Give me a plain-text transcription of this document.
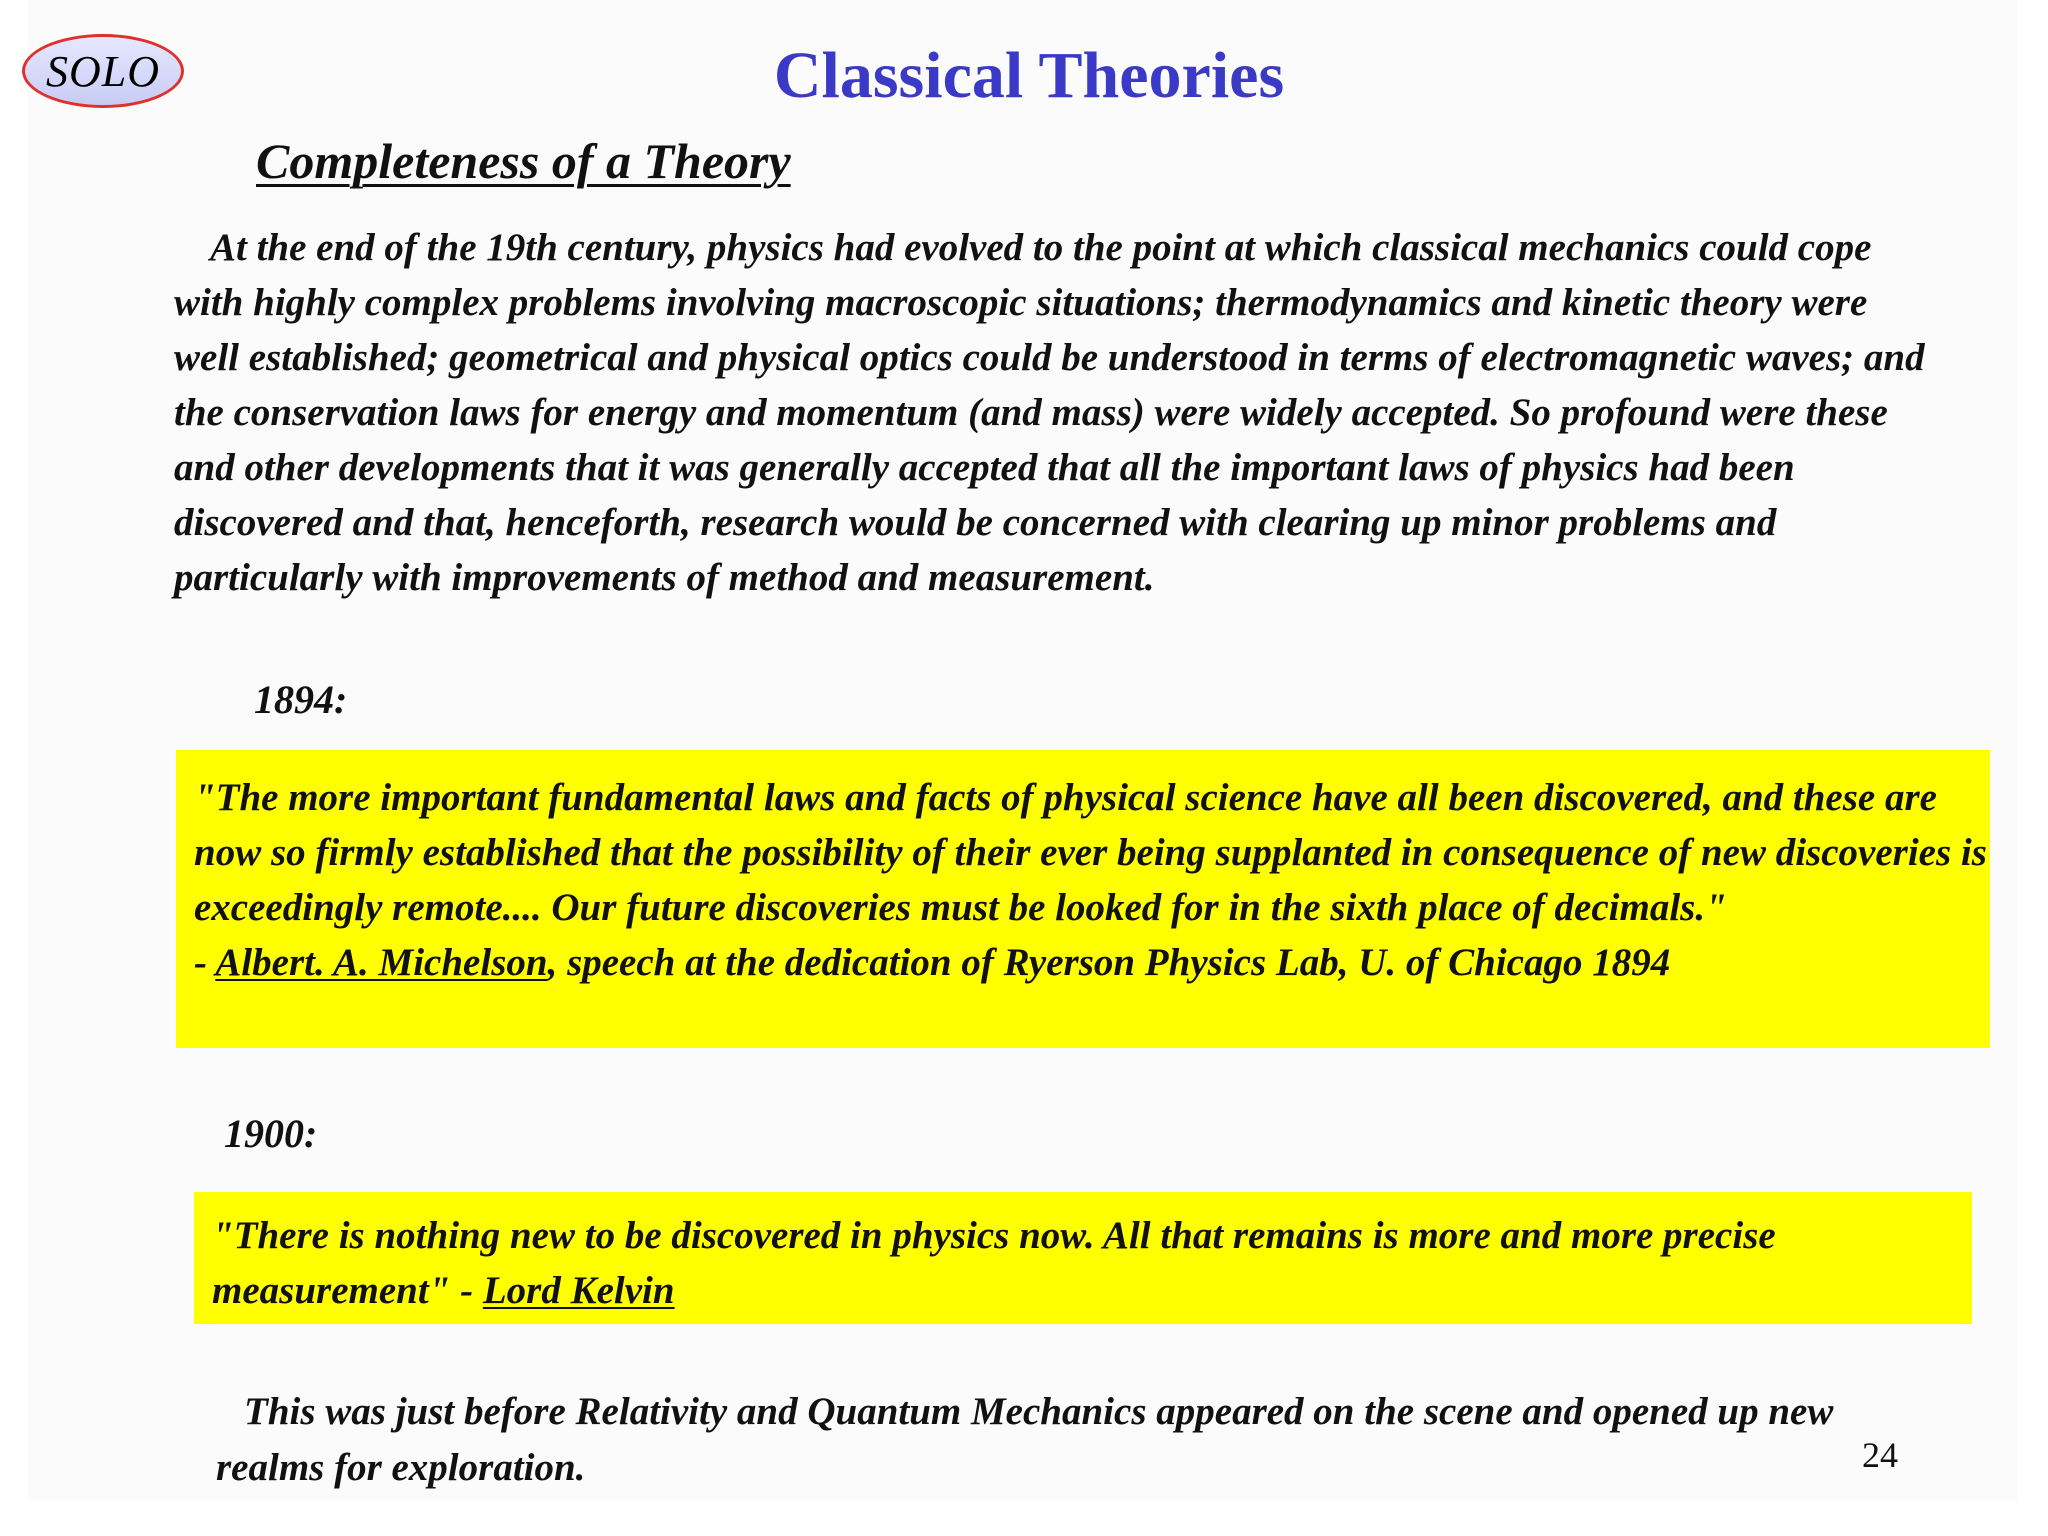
SOLO	Classical Theories
Completeness of a Theory
At the end of the 19th century, physics had evolved to the point at which classical mechanics could cope with highly complex problems involving macroscopic situations; thermodynamics and kinetic theory were well established; geometrical and physical optics could be understood in terms of electromagnetic waves; and the conservation laws for energy and momentum (and mass) were widely accepted. So profound were these and other developments that it was generally accepted that all the important laws of physics had been discovered and that, henceforth, research would be concerned with clearing up minor problems and particularly with improvements of method and measurement.
1894:
"The more important fundamental laws and facts of physical science have all been discovered, and these are now so firmly established that the possibility of their ever being supplanted in consequence of new discoveries is exceedingly remote.... Our future discoveries must be looked for in the sixth place of decimals."
- Albert. A. Michelson, speech at the dedication of Ryerson Physics Lab, U. of Chicago 1894
1900:
"There is nothing new to be discovered in physics now. All that remains is more and more precise measurement" - Lord Kelvin
This was just before Relativity and Quantum Mechanics appeared on the scene and opened up new realms for exploration.	24
